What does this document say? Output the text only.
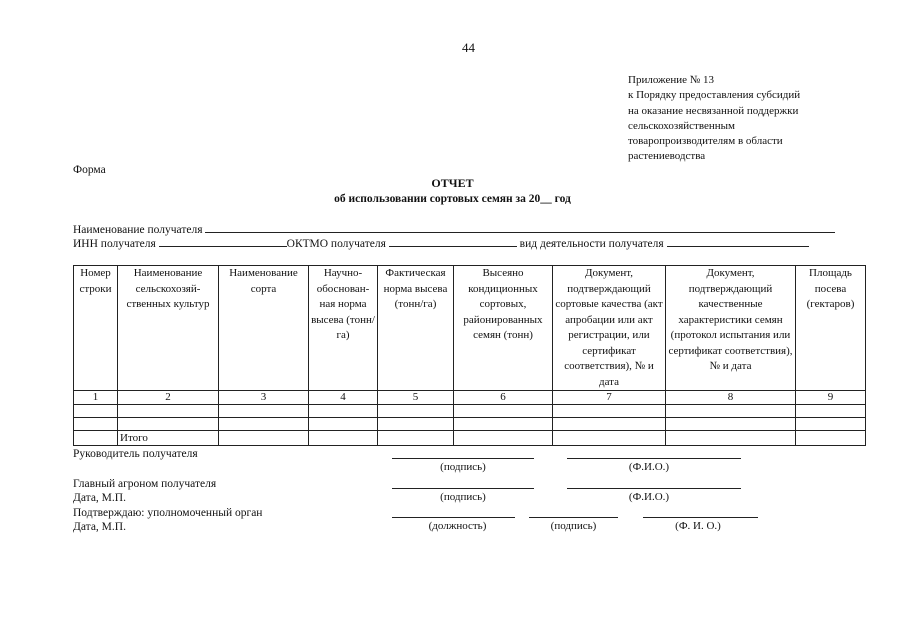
44
Приложение № 13
к Порядку предоставления субсидий
на оказание несвязанной поддержки
сельскохозяйственным
товаропроизводителям в области
растениеводства
Форма
ОТЧЕТ
об использовании сортовых семян за 20__ год
Наименование получателя
ИНН получателя	ОКТМО получателя	вид деятельности получателя
Номер строки	Наименование сельскохозяй-ственных культур	Наименование сорта	Научно-обоснован-ная норма высева (тонн/га)	Фактическая норма высева (тонн/га)	Высеяно кондиционных сортовых, районированных семян (тонн)	Документ, подтверждающий сортовые качества (акт апробации или акт регистрации, или сертификат соответствия), № и дата	Документ, подтверждающий качественные характеристики семян (протокол испытания или сертификат соответствия), № и дата	Площадь посева (гектаров)
1	2	3	4	5	6	7	8	9

	Итого							
Руководитель получателя
(подпись)	(Ф.И.О.)
Главный агроном получателя
Дата, М.П.	(подпись)	(Ф.И.О.)
Подтверждаю: уполномоченный орган
Дата, М.П.	(должность)	(подпись)	(Ф. И. О.)
